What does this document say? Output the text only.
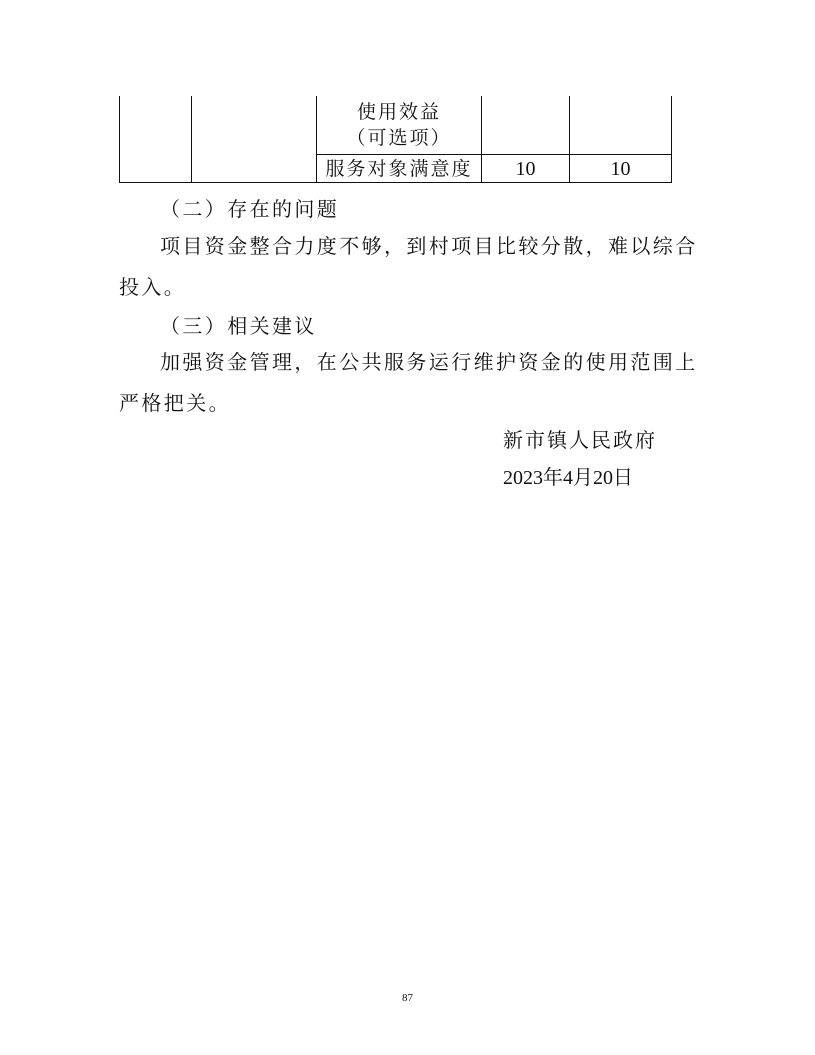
		使用效益
（可选项）		

		服务对象满意度	10	10

（二）存在的问题

项目资金整合力度不够，到村项目比较分散，难以综合投入。

（三）相关建议

加强资金管理，在公共服务运行维护资金的使用范围上严格把关。

新市镇人民政府

2023年4月20日

87
